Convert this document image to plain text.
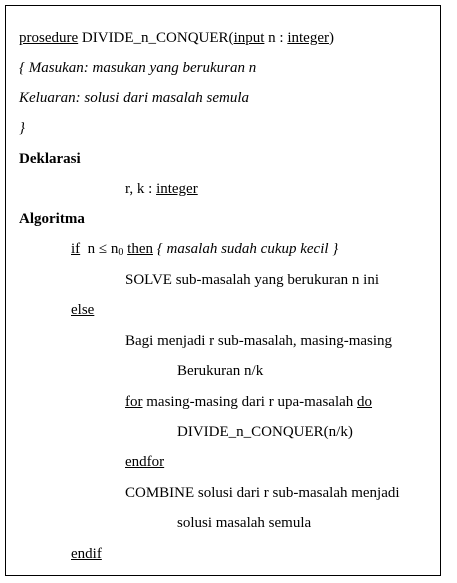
prosedure DIVIDE_n_CONQUER(input n : integer)
{ Masukan: masukan yang berukuran n
Keluaran: solusi dari masalah semula
}
Deklarasi
r, k : integer
Algoritma
if  $n \le n_0$ then { masalah sudah cukup kecil }
SOLVE sub-masalah yang berukuran n ini
else
Bagi menjadi r sub-masalah, masing-masing
Berukuran n/k
for masing-masing dari r upa-masalah do
DIVIDE_n_CONQUER(n/k)
endfor
COMBINE solusi dari r sub-masalah menjadi
solusi masalah semula
endif
